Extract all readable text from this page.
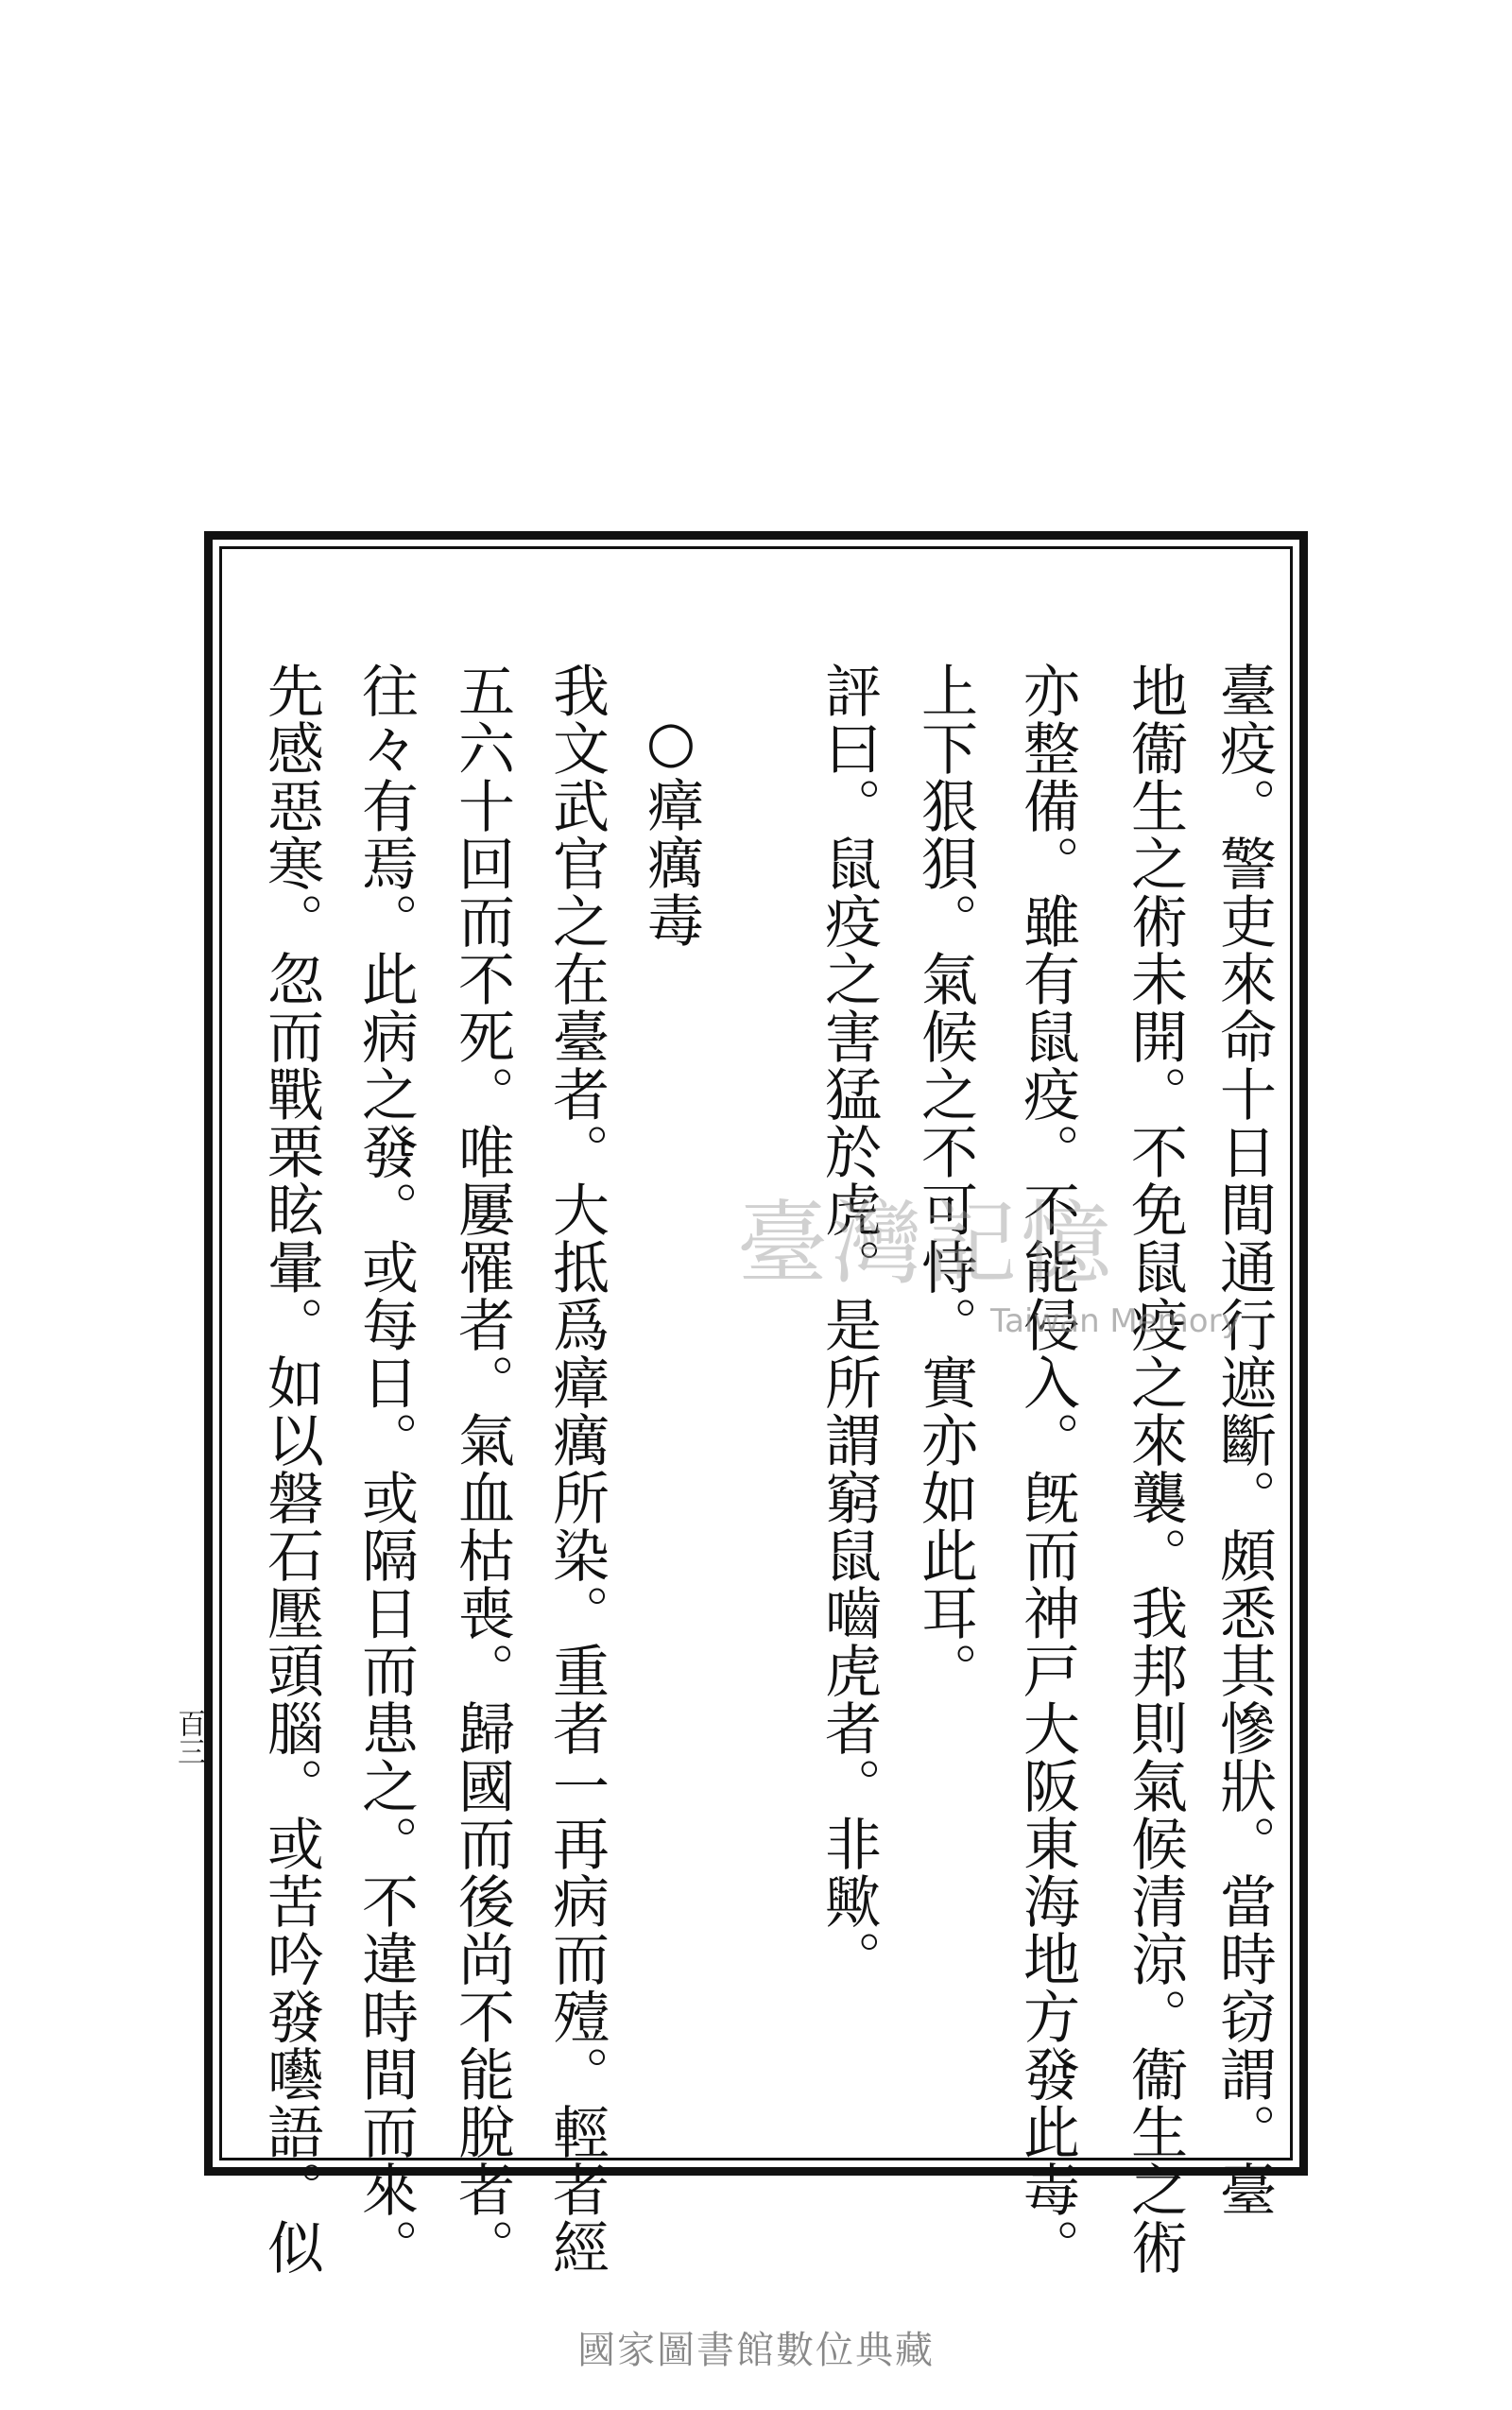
臺疫。警吏來命十日間通行遮斷。頗悉其慘狀。當時窃謂。臺
地衞生之術未開。不免鼠疫之來襲。我邦則氣候清涼。衞生之術
亦整備。雖有鼠疫。不能侵入。旣而神戸大阪東海地方發此毒。
上下狠狽。氣候之不可恃。實亦如此耳。
評曰。鼠疫之害猛於虎。是所謂窮鼠嚙虎者。非歟。
○瘴癘毒
我文武官之在臺者。大抵爲瘴癘所染。重者一再病而殪。輕者經
五六十回而不死。唯屢罹者。氣血枯喪。歸國而後尚不能脫者。
往々有焉。此病之發。或每日。或隔日而患之。不違時間而來。
先感惡寒。忽而戰栗眩暈。如以磐石壓頭腦。或苦吟發囈語。似
百三
臺灣記憶
Taiwan Memory
國家圖書館數位典藏
